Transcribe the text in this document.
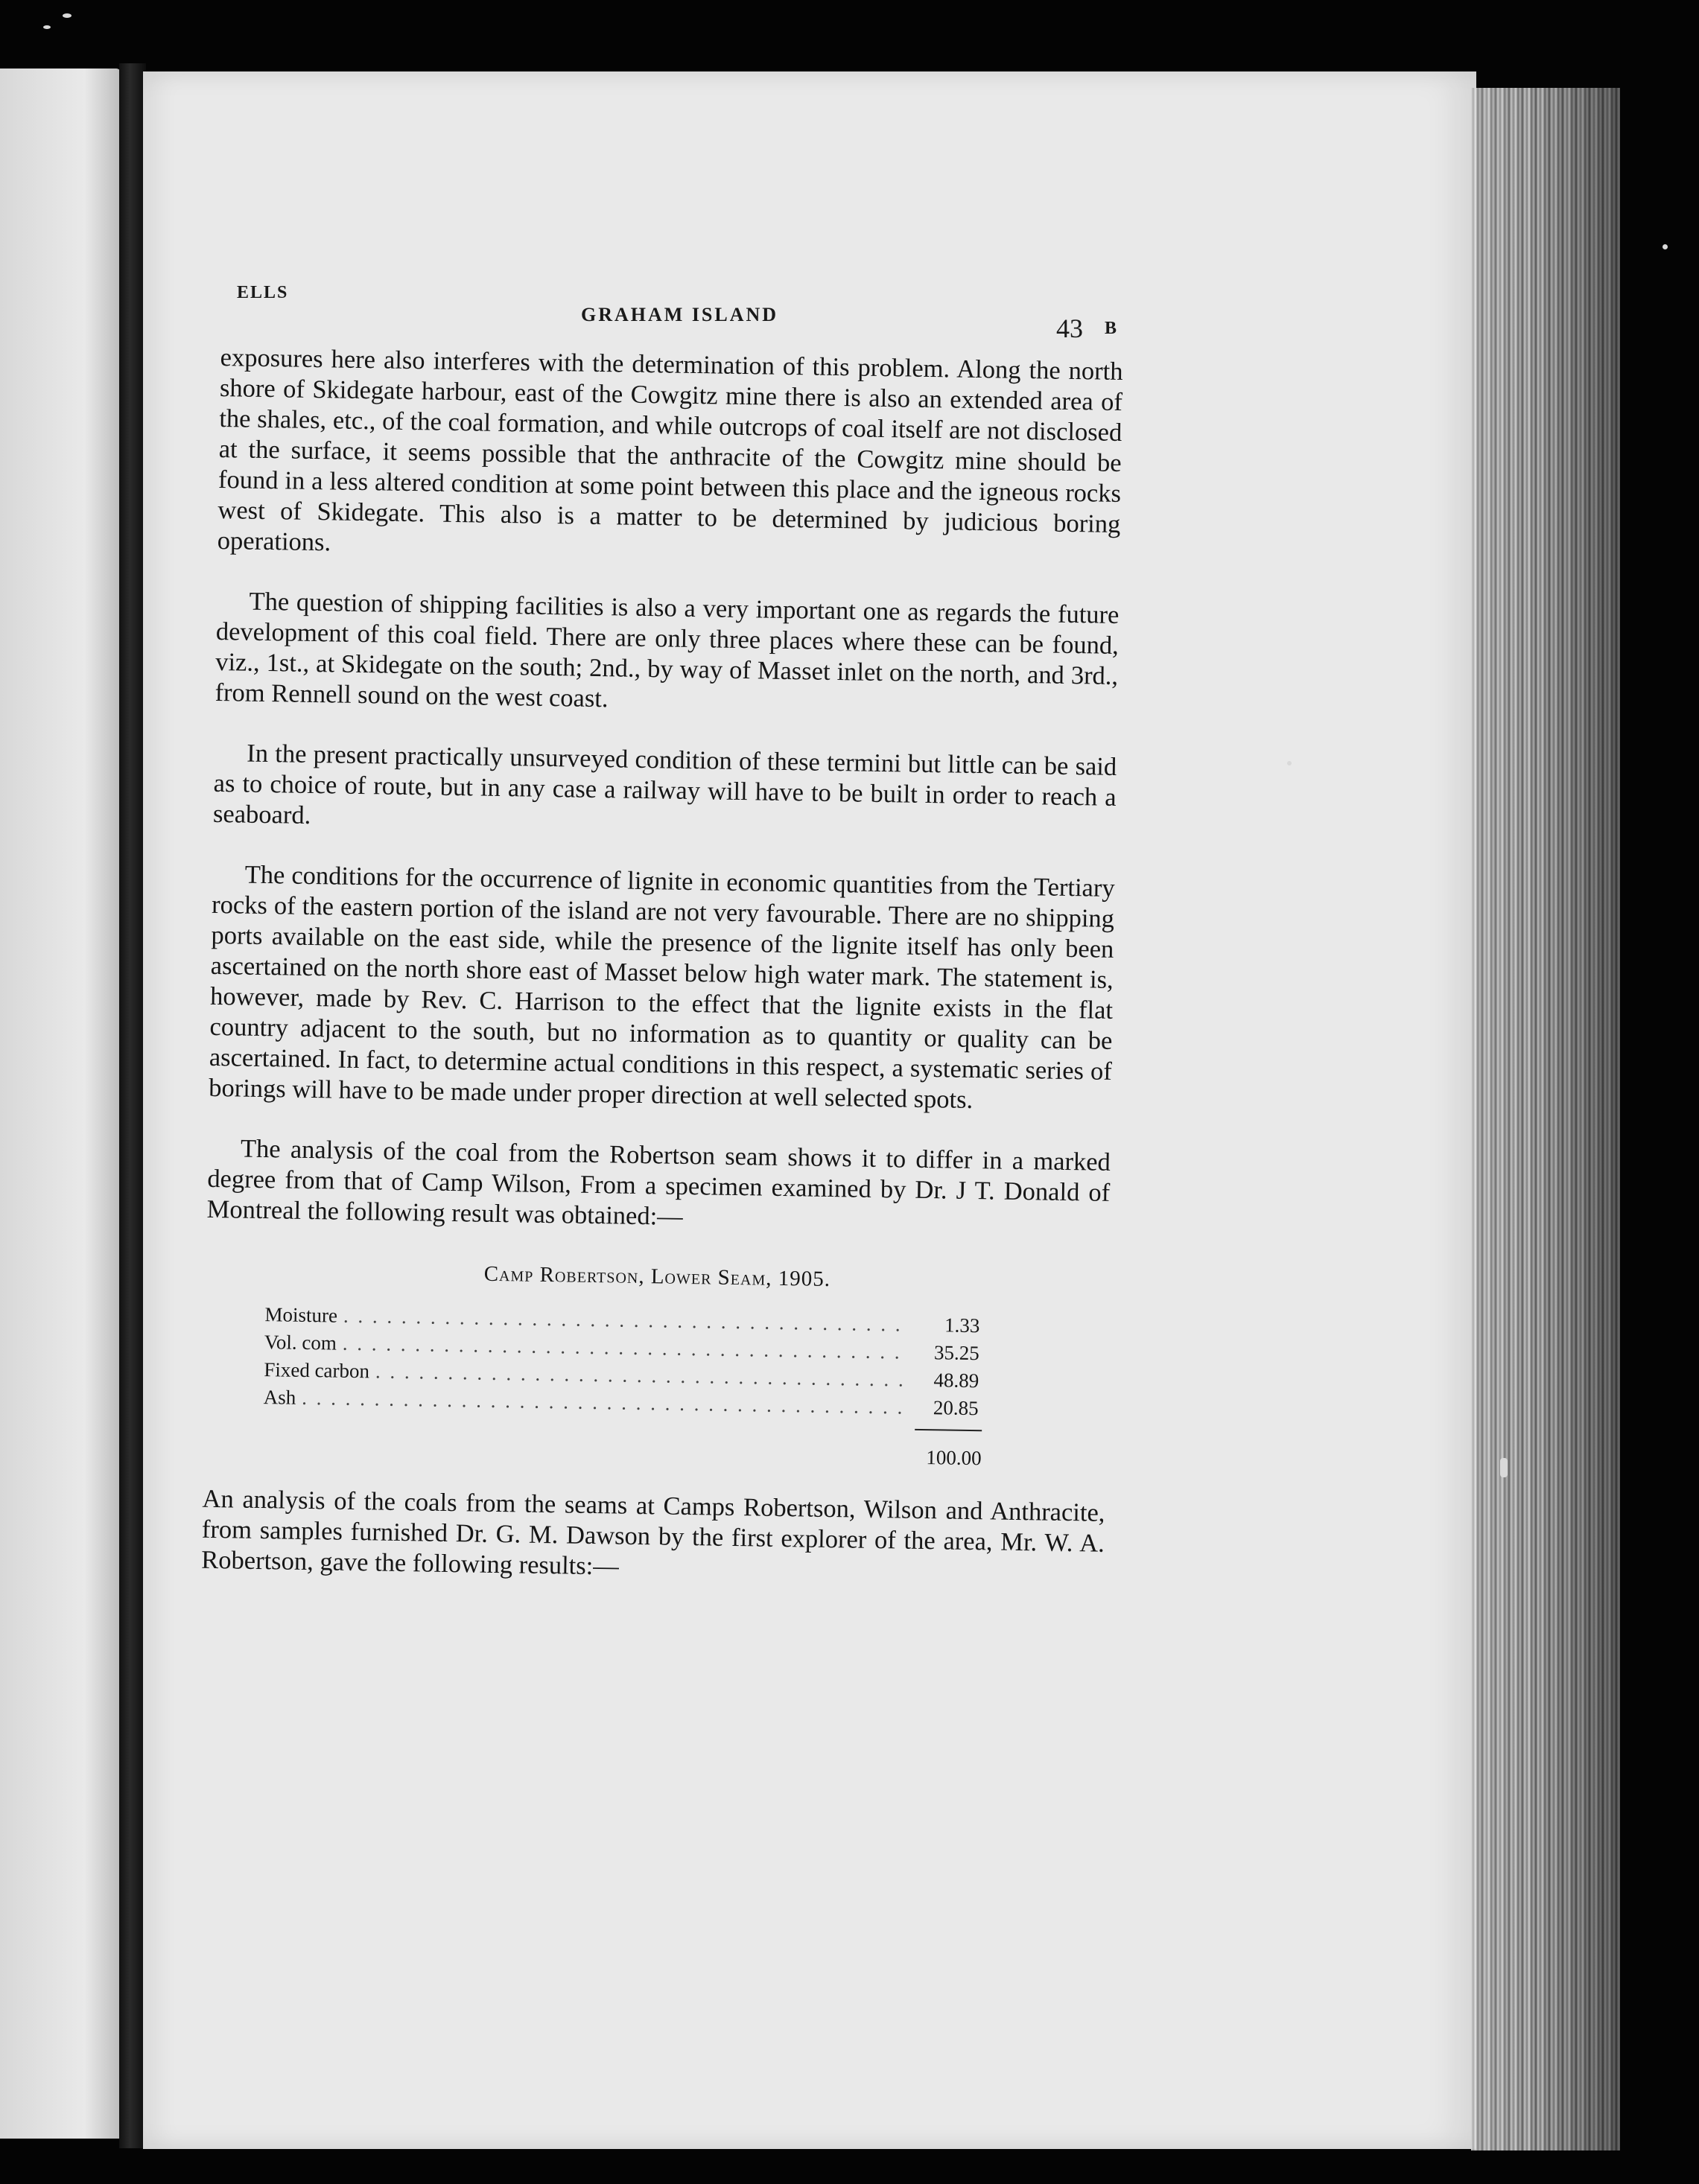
ELLS
GRAHAM ISLAND	43 B

exposures here also interferes with the determination of this problem. Along the north shore of Skidegate harbour, east of the Cowgitz mine there is also an extended area of the shales, etc., of the coal formation, and while outcrops of coal itself are not disclosed at the surface, it seems possible that the anthracite of the Cowgitz mine should be found in a less altered condition at some point between this place and the igneous rocks west of Skidegate. This also is a matter to be determined by judicious boring operations.

The question of shipping facilities is also a very important one as regards the future development of this coal field. There are only three places where these can be found, viz., 1st., at Skidegate on the south; 2nd., by way of Masset inlet on the north, and 3rd., from Rennell sound on the west coast.

In the present practically unsurveyed condition of these termini but little can be said as to choice of route, but in any case a railway will have to be built in order to reach a seaboard.

The conditions for the occurrence of lignite in economic quantities from the Tertiary rocks of the eastern portion of the island are not very favourable. There are no shipping ports available on the east side, while the presence of the lignite itself has only been ascertained on the north shore east of Masset below high water mark. The statement is, however, made by Rev. C. Harrison to the effect that the lignite exists in the flat country adjacent to the south, but no information as to quantity or quality can be ascertained. In fact, to determine actual conditions in this respect, a systematic series of borings will have to be made under proper direction at well selected spots.

The analysis of the coal from the Robertson seam shows it to differ in a marked degree from that of Camp Wilson, From a specimen examined by Dr. J T. Donald of Montreal the following result was obtained:—

Camp Robertson, Lower Seam, 1905.
Moisture . . .	1.33
Vol. com . . .	35.25
Fixed carbon . . .	48.89
Ash . . .	20.85
100.00

An analysis of the coals from the seams at Camps Robertson, Wilson and Anthracite, from samples furnished Dr. G. M. Dawson by the first explorer of the area, Mr. W. A. Robertson, gave the following results:—
